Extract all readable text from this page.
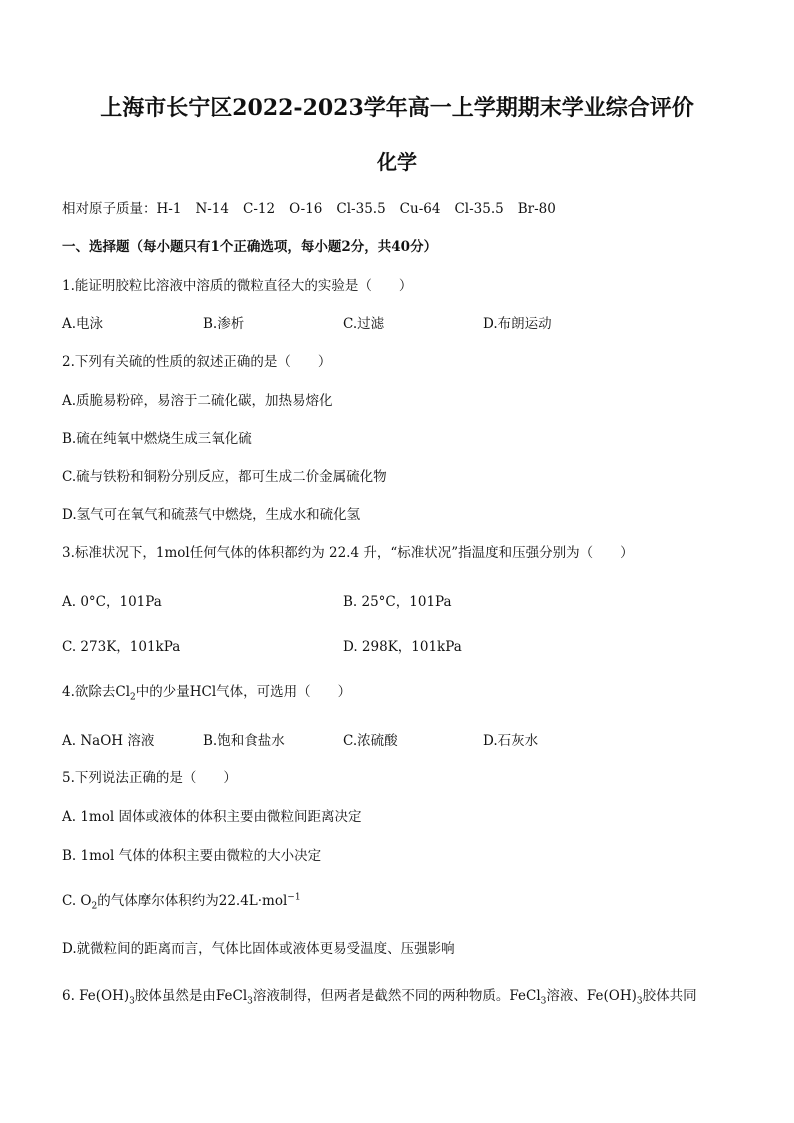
上海市长宁区2022-2023学年高一上学期期末学业综合评价
化学
相对原子质量：H-1 N-14 C-12 O-16 Cl-35.5 Cu-64 Cl-35.5 Br-80
一、选择题（每小题只有1个正确选项，每小题2分，共40分）
1.能证明胶粒比溶液中溶质的微粒直径大的实验是（　　）
A.电泳	B.渗析	C.过滤	D.布朗运动
2.下列有关硫的性质的叙述正确的是（　　）
A.质脆易粉碎，易溶于二硫化碳，加热易熔化
B.硫在纯氧中燃烧生成三氧化硫
C.硫与铁粉和铜粉分别反应，都可生成二价金属硫化物
D.氢气可在氧气和硫蒸气中燃烧，生成水和硫化氢
3.标准状况下，1mol任何气体的体积都约为 22.4 升，“标准状况”指温度和压强分别为（　　）
A. 0°C，101Pa	B. 25°C，101Pa
C. 273K，101kPa	D. 298K，101kPa
4.欲除去$Cl_2$中的少量HCl气体，可选用（　　）
A. NaOH 溶液	B.饱和食盐水	C.浓硫酸	D.石灰水
5.下列说法正确的是（　　）
A. 1mol 固体或液体的体积主要由微粒间距离决定
B. 1mol 气体的体积主要由微粒的大小决定
C. $O_2$的气体摩尔体积约为22.4L·mol$^{-1}$
D.就微粒间的距离而言，气体比固体或液体更易受温度、压强影响
6. $Fe(OH)_3$胶体虽然是由FeCl$_3$溶液制得，但两者是截然不同的两种物质。FeCl$_3$溶液、$Fe(OH)_3$胶体共同
